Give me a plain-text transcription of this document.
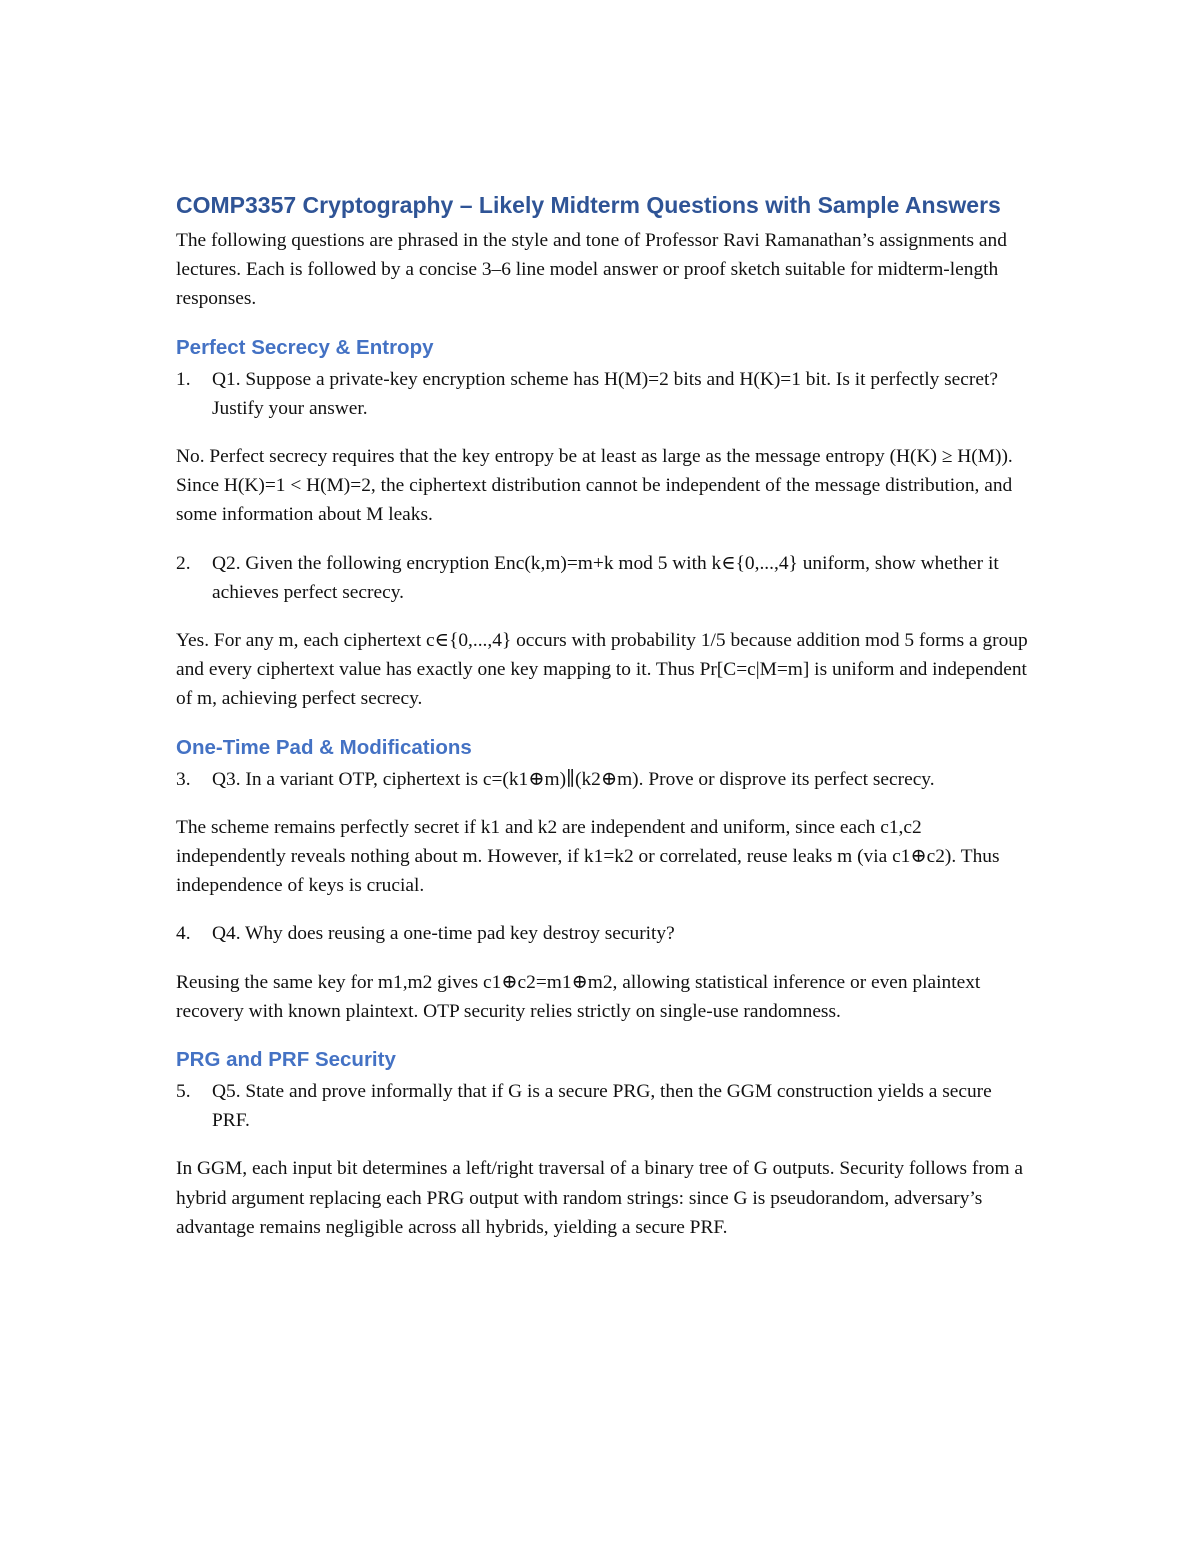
COMP3357 Cryptography – Likely Midterm Questions with Sample Answers

The following questions are phrased in the style and tone of Professor Ravi Ramanathan’s assignments and lectures. Each is followed by a concise 3–6 line model answer or proof sketch suitable for midterm-length responses.

Perfect Secrecy & Entropy
1.	Q1. Suppose a private-key encryption scheme has H(M)=2 bits and H(K)=1 bit. Is it perfectly secret? Justify your answer.

No. Perfect secrecy requires that the key entropy be at least as large as the message entropy (H(K) ≥ H(M)). Since H(K)=1 < H(M)=2, the ciphertext distribution cannot be independent of the message distribution, and some information about M leaks.

2.	Q2. Given the following encryption Enc(k,m)=m+k mod 5 with k∈{0,...,4} uniform, show whether it achieves perfect secrecy.

Yes. For any m, each ciphertext c∈{0,...,4} occurs with probability 1/5 because addition mod 5 forms a group and every ciphertext value has exactly one key mapping to it. Thus Pr[C=c|M=m] is uniform and independent of m, achieving perfect secrecy.

One-Time Pad & Modifications
3.	Q3. In a variant OTP, ciphertext is c=(k1⊕m)∥(k2⊕m). Prove or disprove its perfect secrecy.

The scheme remains perfectly secret if k1 and k2 are independent and uniform, since each c1,c2 independently reveals nothing about m. However, if k1=k2 or correlated, reuse leaks m (via c1⊕c2). Thus independence of keys is crucial.

4.	Q4. Why does reusing a one-time pad key destroy security?

Reusing the same key for m1,m2 gives c1⊕c2=m1⊕m2, allowing statistical inference or even plaintext recovery with known plaintext. OTP security relies strictly on single-use randomness.

PRG and PRF Security
5.	Q5. State and prove informally that if G is a secure PRG, then the GGM construction yields a secure PRF.

In GGM, each input bit determines a left/right traversal of a binary tree of G outputs. Security follows from a hybrid argument replacing each PRG output with random strings: since G is pseudorandom, adversary’s advantage remains negligible across all hybrids, yielding a secure PRF.
